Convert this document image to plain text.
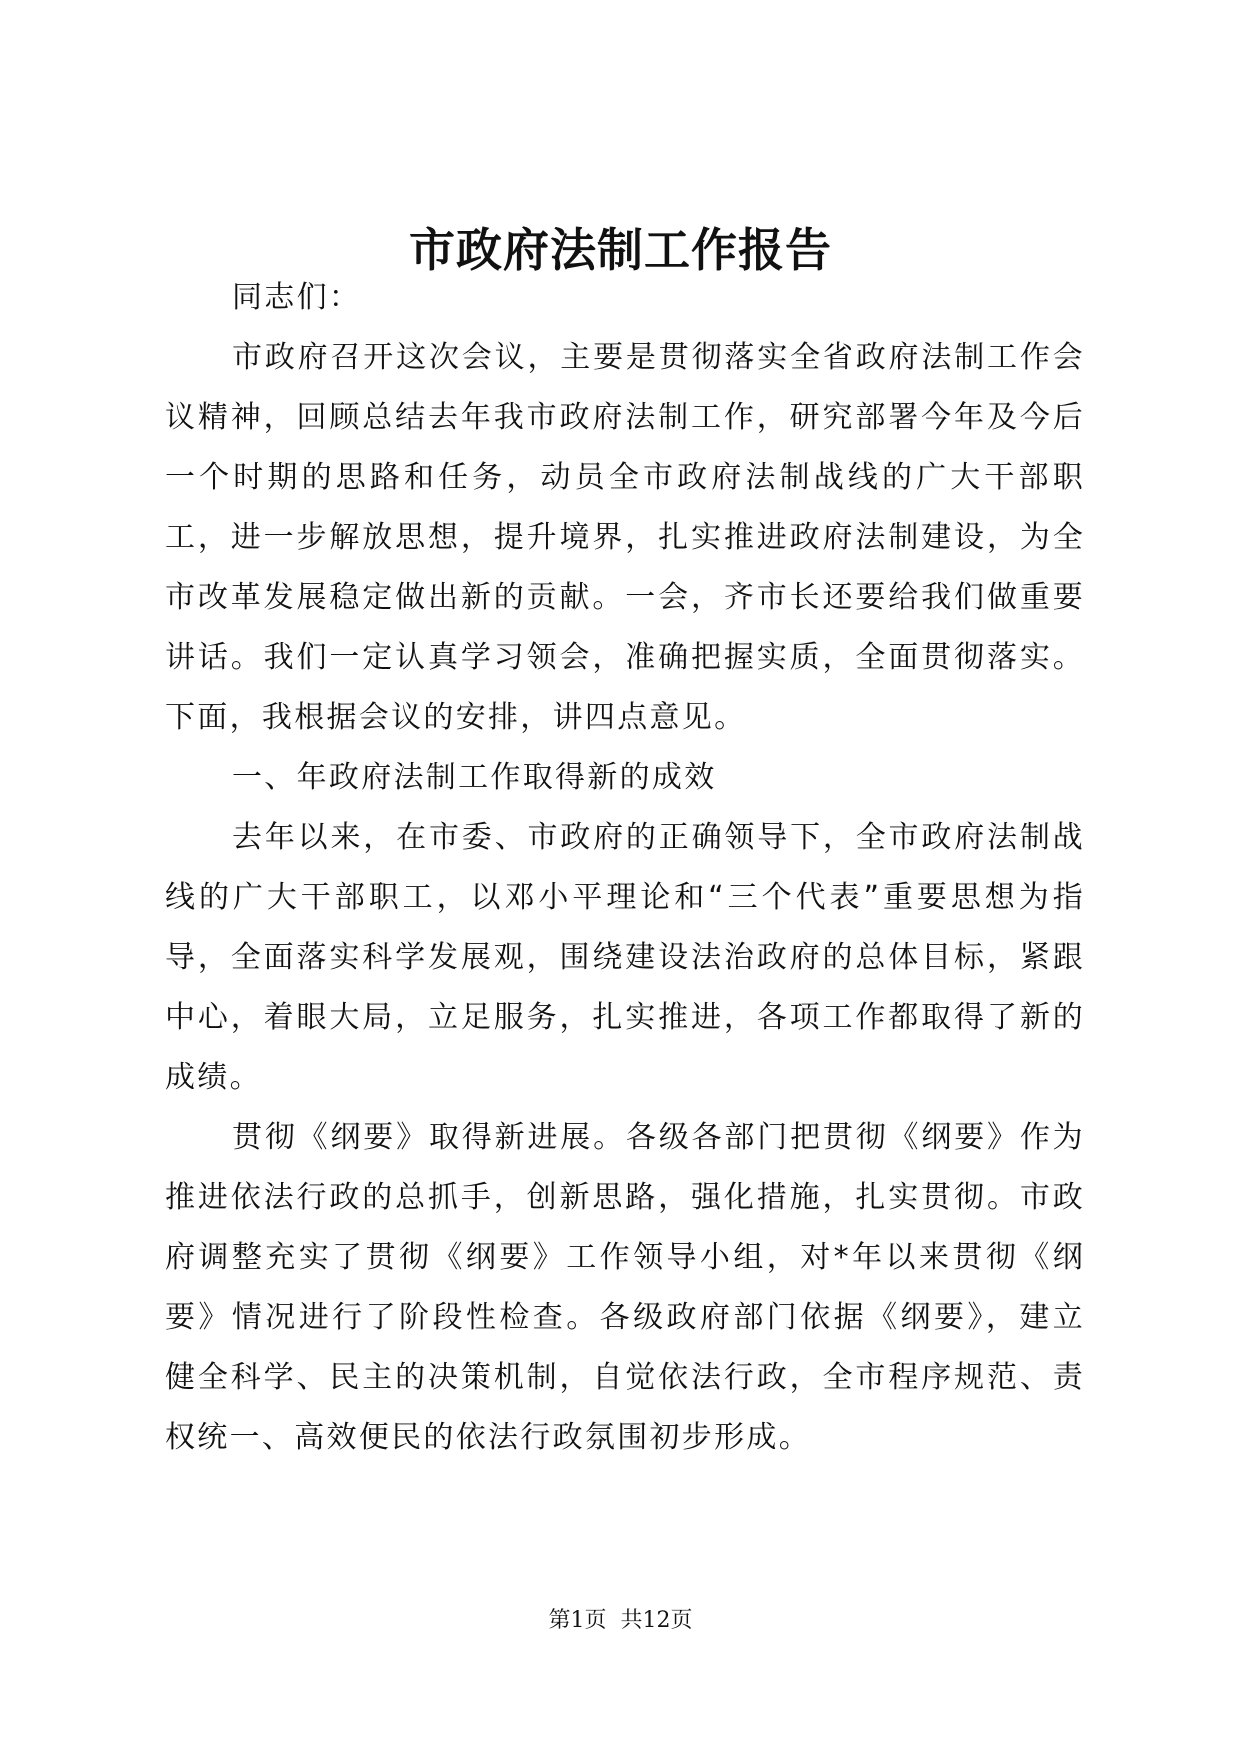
市政府法制工作报告

同志们：

市政府召开这次会议，主要是贯彻落实全省政府法制工作会议精神，回顾总结去年我市政府法制工作，研究部署今年及今后一个时期的思路和任务，动员全市政府法制战线的广大干部职工，进一步解放思想，提升境界，扎实推进政府法制建设，为全市改革发展稳定做出新的贡献。一会，齐市长还要给我们做重要讲话。我们一定认真学习领会，准确把握实质，全面贯彻落实。下面，我根据会议的安排，讲四点意见。

一、年政府法制工作取得新的成效

去年以来，在市委、市政府的正确领导下，全市政府法制战线的广大干部职工，以邓小平理论和“三个代表”重要思想为指导，全面落实科学发展观，围绕建设法治政府的总体目标，紧跟中心，着眼大局，立足服务，扎实推进，各项工作都取得了新的成绩。

贯彻《纲要》取得新进展。各级各部门把贯彻《纲要》作为推进依法行政的总抓手，创新思路，强化措施，扎实贯彻。市政府调整充实了贯彻《纲要》工作领导小组，对*年以来贯彻《纲要》情况进行了阶段性检查。各级政府部门依据《纲要》，建立健全科学、民主的决策机制，自觉依法行政，全市程序规范、责权统一、高效便民的依法行政氛围初步形成。

第1页  共12页
